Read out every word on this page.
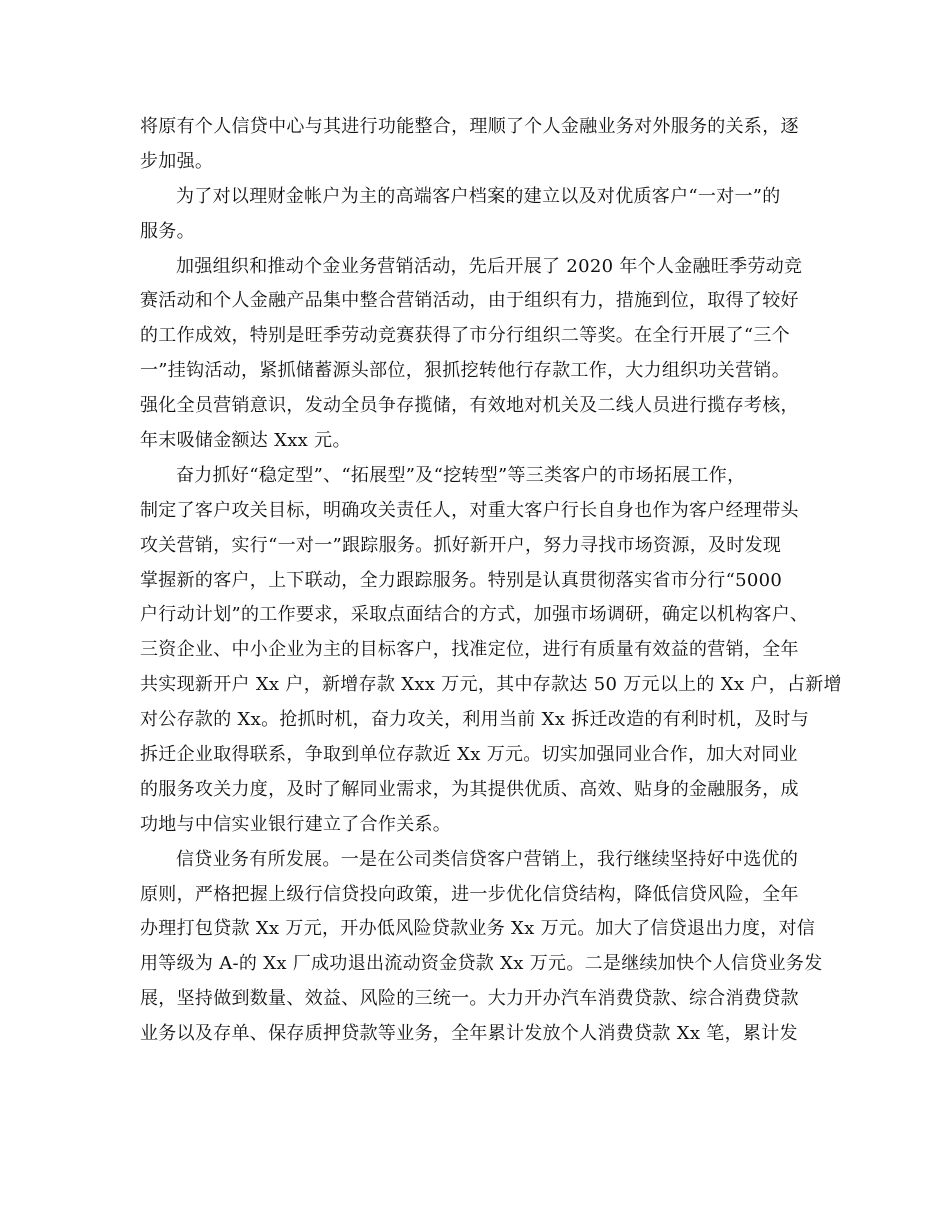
将原有个人信贷中心与其进行功能整合，理顺了个人金融业务对外服务的关系，逐
步加强。
为了对以理财金帐户为主的高端客户档案的建立以及对优质客户“一对一”的
服务。
加强组织和推动个金业务营销活动，先后开展了 2020 年个人金融旺季劳动竞
赛活动和个人金融产品集中整合营销活动，由于组织有力，措施到位，取得了较好
的工作成效，特别是旺季劳动竞赛获得了市分行组织二等奖。在全行开展了“三个
一”挂钩活动，紧抓储蓄源头部位，狠抓挖转他行存款工作，大力组织功关营销。
强化全员营销意识，发动全员争存揽储，有效地对机关及二线人员进行揽存考核，
年末吸储金额达 Xxx 元。
奋力抓好“稳定型”、“拓展型”及“挖转型”等三类客户的市场拓展工作，
制定了客户攻关目标，明确攻关责任人，对重大客户行长自身也作为客户经理带头
攻关营销，实行“一对一”跟踪服务。抓好新开户，努力寻找市场资源，及时发现
掌握新的客户，上下联动，全力跟踪服务。特别是认真贯彻落实省市分行“5000
户行动计划”的工作要求，采取点面结合的方式，加强市场调研，确定以机构客户、
三资企业、中小企业为主的目标客户，找准定位，进行有质量有效益的营销，全年
共实现新开户 Xx 户，新增存款 Xxx 万元，其中存款达 50 万元以上的 Xx 户，占新增
对公存款的 Xx。抢抓时机，奋力攻关，利用当前 Xx 拆迁改造的有利时机，及时与
拆迁企业取得联系，争取到单位存款近 Xx 万元。切实加强同业合作，加大对同业
的服务攻关力度，及时了解同业需求，为其提供优质、高效、贴身的金融服务，成
功地与中信实业银行建立了合作关系。
信贷业务有所发展。一是在公司类信贷客户营销上，我行继续坚持好中选优的
原则，严格把握上级行信贷投向政策，进一步优化信贷结构，降低信贷风险，全年
办理打包贷款 Xx 万元，开办低风险贷款业务 Xx 万元。加大了信贷退出力度，对信
用等级为 A-的 Xx 厂成功退出流动资金贷款 Xx 万元。二是继续加快个人信贷业务发
展，坚持做到数量、效益、风险的三统一。大力开办汽车消费贷款、综合消费贷款
业务以及存单、保存质押贷款等业务，全年累计发放个人消费贷款 Xx 笔，累计发
